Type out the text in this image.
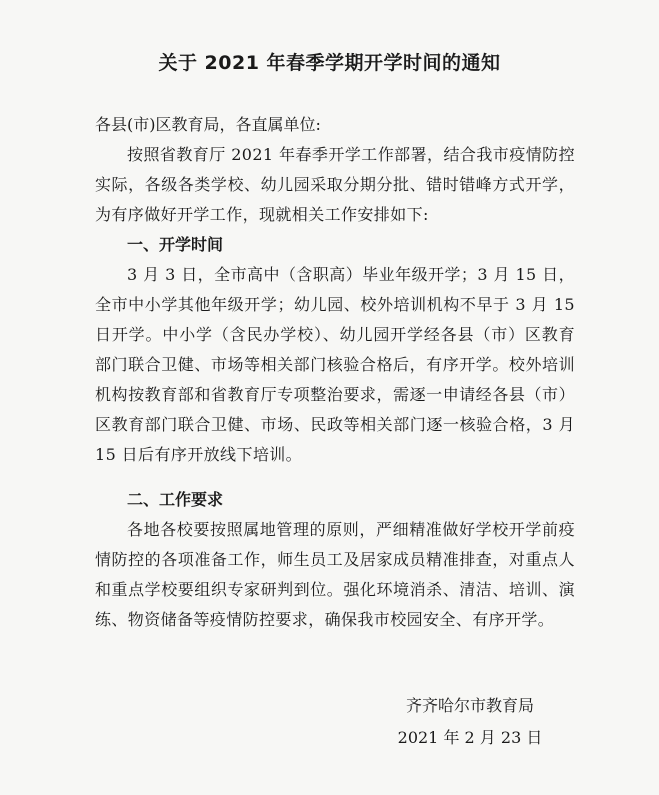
关于 2021 年春季学期开学时间的通知
各县(市)区教育局，各直属单位:
按照省教育厅 2021 年春季开学工作部署，结合我市疫情防控实际，各级各类学校、幼儿园采取分期分批、错时错峰方式开学，为有序做好开学工作，现就相关工作安排如下:
一、开学时间
3 月 3 日，全市高中（含职高）毕业年级开学；3 月 15 日，全市中小学其他年级开学；幼儿园、校外培训机构不早于 3 月 15 日开学。中小学（含民办学校）、幼儿园开学经各县（市）区教育部门联合卫健、市场等相关部门核验合格后，有序开学。校外培训机构按教育部和省教育厅专项整治要求，需逐一申请经各县（市）区教育部门联合卫健、市场、民政等相关部门逐一核验合格，3 月 15 日后有序开放线下培训。
二、工作要求
各地各校要按照属地管理的原则，严细精准做好学校开学前疫情防控的各项准备工作，师生员工及居家成员精准排查，对重点人和重点学校要组织专家研判到位。强化环境消杀、清洁、培训、演练、物资储备等疫情防控要求，确保我市校园安全、有序开学。
齐齐哈尔市教育局
2021 年 2 月 23 日
